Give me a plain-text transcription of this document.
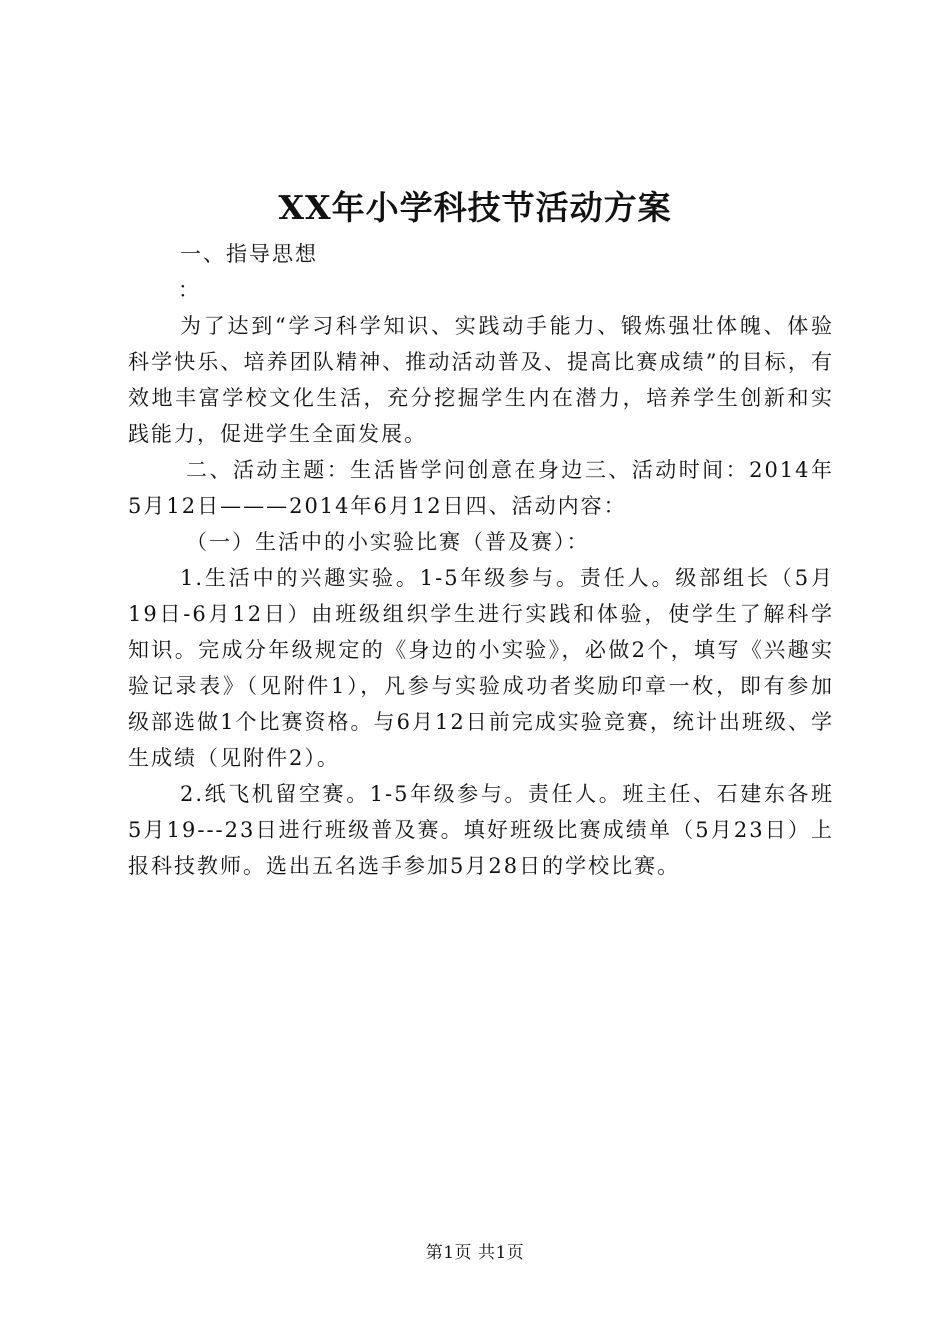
XX年小学科技节活动方案

一、指导思想

：

为了达到“学习科学知识、实践动手能力、锻炼强壮体魄、体验科学快乐、培养团队精神、推动活动普及、提高比赛成绩”的目标，有效地丰富学校文化生活，充分挖掘学生内在潜力，培养学生创新和实践能力，促进学生全面发展。

二、活动主题：生活皆学问创意在身边三、活动时间：2014年5月12日———2014年6月12日四、活动内容：

（一）生活中的小实验比赛（普及赛）：

1.生活中的兴趣实验。1-5年级参与。责任人。级部组长（5月19日-6月12日）由班级组织学生进行实践和体验，使学生了解科学知识。完成分年级规定的《身边的小实验》，必做2个，填写《兴趣实验记录表》（见附件1），凡参与实验成功者奖励印章一枚，即有参加级部选做1个比赛资格。与6月12日前完成实验竞赛，统计出班级、学生成绩（见附件2）。

2.纸飞机留空赛。1-5年级参与。责任人。班主任、石建东各班5月19---23日进行班级普及赛。填好班级比赛成绩单（5月23日）上报科技教师。选出五名选手参加5月28日的学校比赛。

第1页 共1页
